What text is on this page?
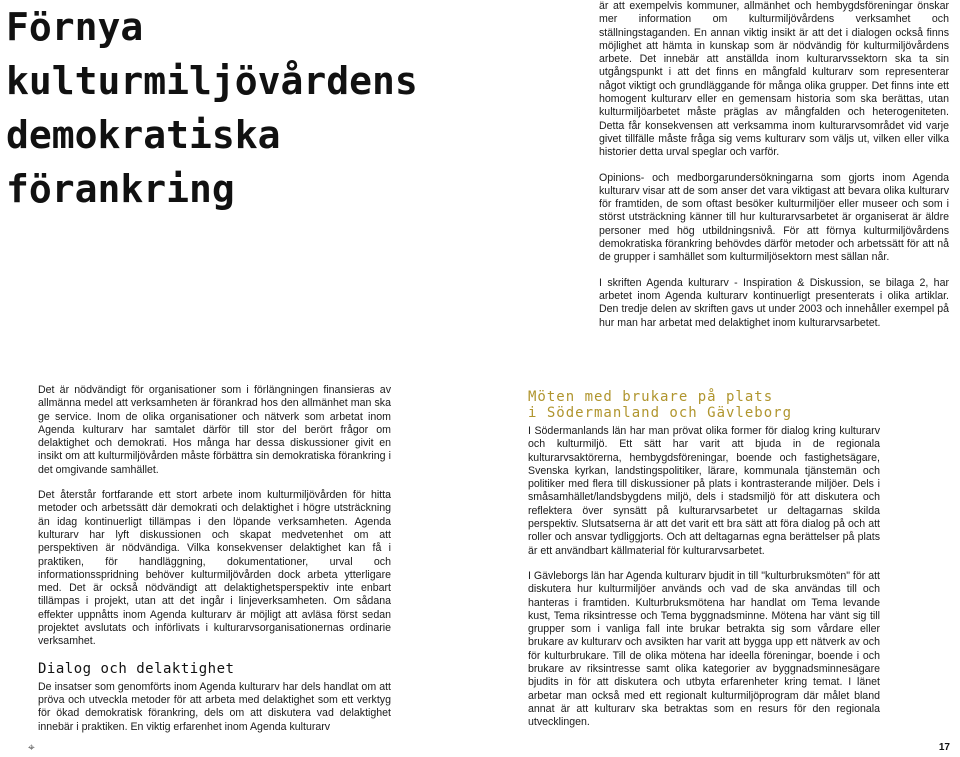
Förnya
kulturmiljövårdens
demokratiska
förankring

är att exempelvis kommuner, allmänhet och hembygdsföreningar önskar mer information om kulturmiljövårdens verksamhet och ställningstaganden. En annan viktig insikt är att det i dialogen också finns möjlighet att hämta in kunskap som är nödvändig för kulturmiljövårdens arbete. Det innebär att anställda inom kulturarvssektorn ska ta sin utgångspunkt i att det finns en mångfald kulturarv som representerar något viktigt och grundläggande för många olika grupper. Det finns inte ett homogent kulturarv eller en gemensam historia som ska berättas, utan kulturmiljöarbetet måste präglas av mångfalden och heterogeniteten. Detta får konsekvensen att verksamma inom kulturarvsområdet vid varje givet tillfälle måste fråga sig vems kulturarv som väljs ut, vilken eller vilka historier detta urval speglar och varför.

Opinions- och medborgarundersökningarna som gjorts inom Agenda kulturarv visar att de som anser det vara viktigast att bevara olika kulturarv för framtiden, de som oftast besöker kulturmiljöer eller museer och som i störst utsträckning känner till hur kulturarvsarbetet är organiserat är äldre personer med hög utbildningsnivå. För att förnya kulturmiljövårdens demokratiska förankring behövdes därför metoder och arbetssätt för att nå de grupper i samhället som kulturmiljösektorn mest sällan når.

I skriften Agenda kulturarv - Inspiration & Diskussion, se bilaga 2, har arbetet inom Agenda kulturarv kontinuerligt presenterats i olika artiklar. Den tredje delen av skriften gavs ut under 2003 och innehåller exempel på hur man har arbetat med delaktighet inom kulturarvsarbetet.

Det är nödvändigt för organisationer som i förlängningen finansieras av allmänna medel att verksamheten är förankrad hos den allmänhet man ska ge service. Inom de olika organisationer och nätverk som arbetat inom Agenda kulturarv har samtalet därför till stor del berört frågor om delaktighet och demokrati. Hos många har dessa diskussioner givit en insikt om att kulturmiljövården måste förbättra sin demokratiska förankring i det omgivande samhället.

Det återstår fortfarande ett stort arbete inom kulturmiljövården för hitta metoder och arbetssätt där demokrati och delaktighet i högre utsträckning än idag kontinuerligt tillämpas i den löpande verksamheten. Agenda kulturarv har lyft diskussionen och skapat medvetenhet om att perspektiven är nödvändiga. Vilka konsekvenser delaktighet kan få i praktiken, för handläggning, dokumentationer, urval och informationsspridning behöver kulturmiljövården dock arbeta ytterligare med. Det är också nödvändigt att delaktighetsperspektiv inte enbart tillämpas i projekt, utan att det ingår i linjeverksamheten. Om sådana effekter uppnåtts inom Agenda kulturarv är möjligt att avläsa först sedan projektet avslutats och införlivats i kulturarvsorganisationernas ordinarie verksamhet.

Dialog och delaktighet

De insatser som genomförts inom Agenda kulturarv har dels handlat om att pröva och utveckla metoder för att arbeta med delaktighet som ett verktyg för ökad demokratisk förankring, dels om att diskutera vad delaktighet innebär i praktiken. En viktig erfarenhet inom Agenda kulturarv

Möten med brukare på plats
i Södermanland och Gävleborg

I Södermanlands län har man prövat olika former för dialog kring kulturarv och kulturmiljö. Ett sätt har varit att bjuda in de regionala kulturarvsaktörerna, hembygdsföreningar, boende och fastighetsägare, Svenska kyrkan, landstingspolitiker, lärare, kommunala tjänstemän och politiker med flera till diskussioner på plats i kontrasterande miljöer. Dels i småsamhället/landsbygdens miljö, dels i stadsmiljö för att diskutera och reflektera över synsätt på kulturarvsarbetet ur deltagarnas skilda perspektiv. Slutsatserna är att det varit ett bra sätt att föra dialog på och att roller och ansvar tydliggjorts. Och att deltagarnas egna berättelser på plats är ett användbart källmaterial för kulturarvsarbetet.

I Gävleborgs län har Agenda kulturarv bjudit in till "kulturbruksmöten" för att diskutera hur kulturmiljöer används och vad de ska användas till och hanteras i framtiden. Kulturbruksmötena har handlat om Tema levande kust, Tema riksintresse och Tema byggnadsminne. Mötena har vänt sig till grupper som i vanliga fall inte brukar betrakta sig som vårdare eller brukare av kulturarv och avsikten har varit att bygga upp ett nätverk av och för kulturbrukare. Till de olika mötena har ideella föreningar, boende i och brukare av riksintresse samt olika kategorier av byggnadsminnesägare bjudits in för att diskutera och utbyta erfarenheter kring temat. I länet arbetar man också med ett regionalt kulturmiljöprogram där målet bland annat är att kulturarv ska betraktas som en resurs för den regionala utvecklingen.

⌖	17
